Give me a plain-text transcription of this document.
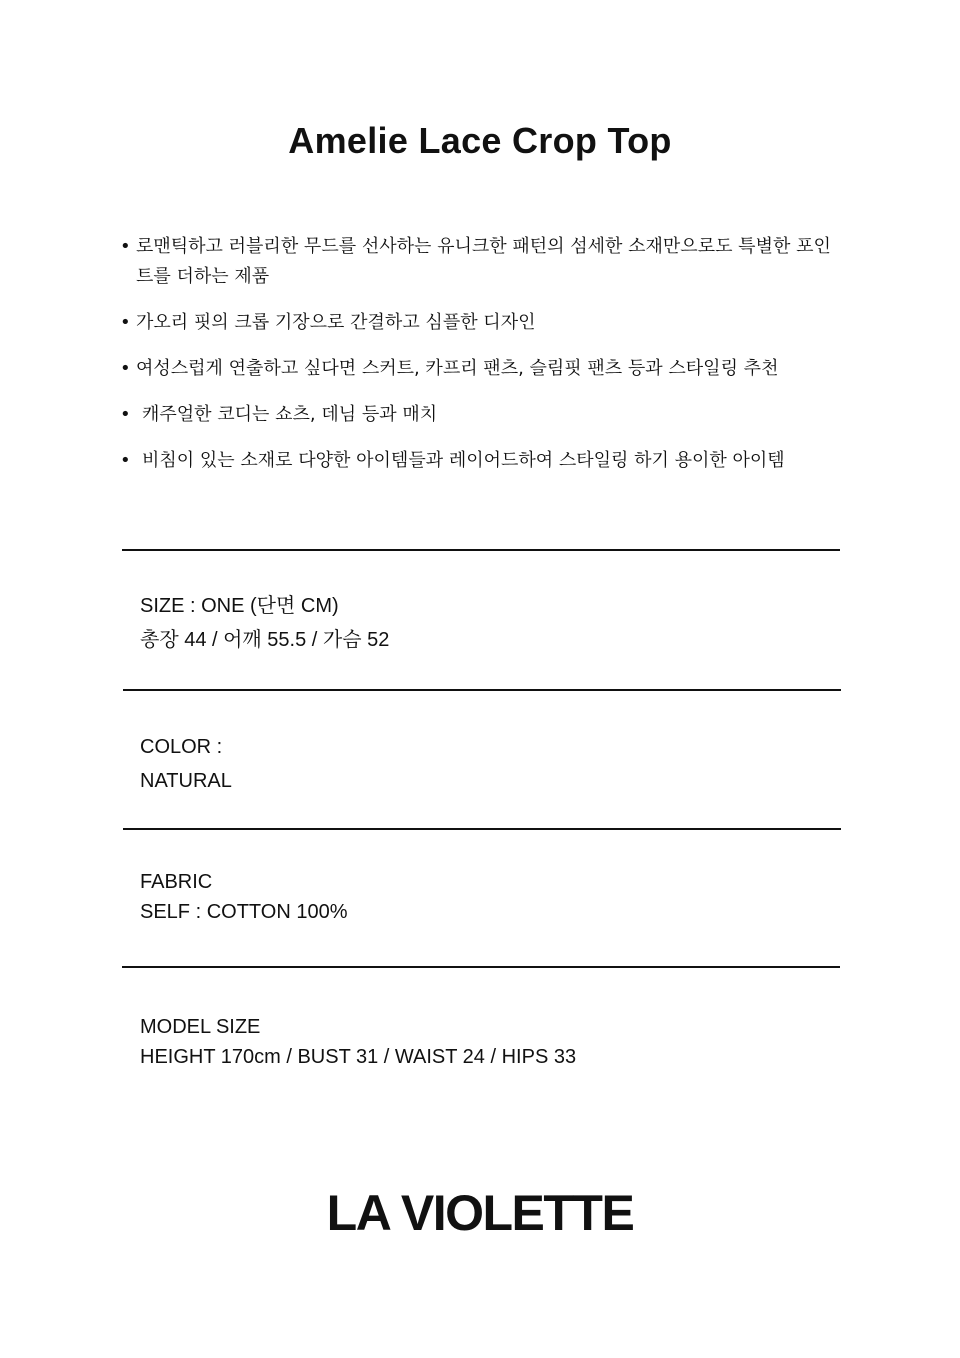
Amelie Lace Crop Top
• 로맨틱하고 러블리한 무드를 선사하는 유니크한 패턴의 섬세한 소재만으로도 특별한 포인트를 더하는 제품
• 가오리 핏의 크롭 기장으로 간결하고 심플한 디자인
• 여성스럽게 연출하고 싶다면 스커트, 카프리 팬츠, 슬림핏 팬츠 등과 스타일링 추천
• 캐주얼한 코디는 쇼츠, 데님 등과 매치
• 비침이 있는 소재로 다양한 아이템들과 레이어드하여 스타일링 하기 용이한 아이템
SIZE : ONE (단면 CM)
총장 44 / 어깨 55.5 / 가슴 52
COLOR :
NATURAL
FABRIC
SELF : COTTON 100%
MODEL SIZE
HEIGHT 170cm / BUST 31 / WAIST 24 / HIPS 33
LA VIOLETTE
